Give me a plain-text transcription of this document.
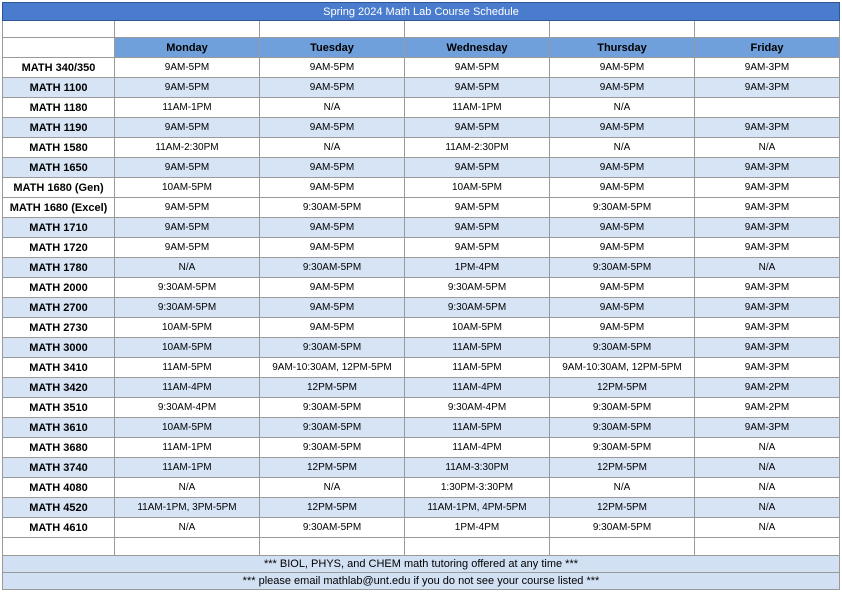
Spring 2024 Math Lab Course Schedule
Monday	Tuesday	Wednesday	Thursday	Friday
MATH 340/350	9AM-5PM	9AM-5PM	9AM-5PM	9AM-5PM	9AM-3PM
MATH 1100	9AM-5PM	9AM-5PM	9AM-5PM	9AM-5PM	9AM-3PM
MATH 1180	11AM-1PM	N/A	11AM-1PM	N/A
MATH 1190	9AM-5PM	9AM-5PM	9AM-5PM	9AM-5PM	9AM-3PM
MATH 1580	11AM-2:30PM	N/A	11AM-2:30PM	N/A	N/A
MATH 1650	9AM-5PM	9AM-5PM	9AM-5PM	9AM-5PM	9AM-3PM
MATH 1680 (Gen)	10AM-5PM	9AM-5PM	10AM-5PM	9AM-5PM	9AM-3PM
MATH 1680 (Excel)	9AM-5PM	9:30AM-5PM	9AM-5PM	9:30AM-5PM	9AM-3PM
MATH 1710	9AM-5PM	9AM-5PM	9AM-5PM	9AM-5PM	9AM-3PM
MATH 1720	9AM-5PM	9AM-5PM	9AM-5PM	9AM-5PM	9AM-3PM
MATH 1780	N/A	9:30AM-5PM	1PM-4PM	9:30AM-5PM	N/A
MATH 2000	9:30AM-5PM	9AM-5PM	9:30AM-5PM	9AM-5PM	9AM-3PM
MATH 2700	9:30AM-5PM	9AM-5PM	9:30AM-5PM	9AM-5PM	9AM-3PM
MATH 2730	10AM-5PM	9AM-5PM	10AM-5PM	9AM-5PM	9AM-3PM
MATH 3000	10AM-5PM	9:30AM-5PM	11AM-5PM	9:30AM-5PM	9AM-3PM
MATH 3410	11AM-5PM	9AM-10:30AM, 12PM-5PM	11AM-5PM	9AM-10:30AM, 12PM-5PM	9AM-3PM
MATH 3420	11AM-4PM	12PM-5PM	11AM-4PM	12PM-5PM	9AM-2PM
MATH 3510	9:30AM-4PM	9:30AM-5PM	9:30AM-4PM	9:30AM-5PM	9AM-2PM
MATH 3610	10AM-5PM	9:30AM-5PM	11AM-5PM	9:30AM-5PM	9AM-3PM
MATH 3680	11AM-1PM	9:30AM-5PM	11AM-4PM	9:30AM-5PM	N/A
MATH 3740	11AM-1PM	12PM-5PM	11AM-3:30PM	12PM-5PM	N/A
MATH 4080	N/A	N/A	1:30PM-3:30PM	N/A	N/A
MATH 4520	11AM-1PM, 3PM-5PM	12PM-5PM	11AM-1PM, 4PM-5PM	12PM-5PM	N/A
MATH 4610	N/A	9:30AM-5PM	1PM-4PM	9:30AM-5PM	N/A
*** BIOL, PHYS, and CHEM math tutoring offered at any time ***
*** please email mathlab@unt.edu if you do not see your course listed ***
